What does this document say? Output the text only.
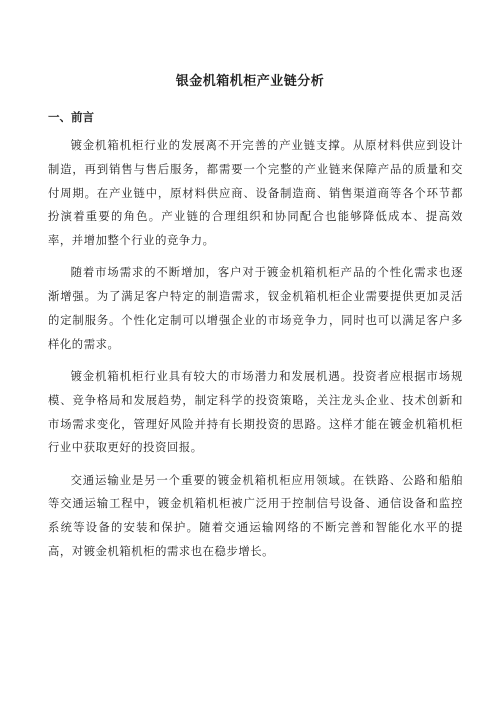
银金机箱机柜产业链分析
一、前言

镀金机箱机柜行业的发展离不开完善的产业链支撑。从原材料供应到设计制造，再到销售与售后服务，都需要一个完整的产业链来保障产品的质量和交付周期。在产业链中，原材料供应商、设备制造商、销售渠道商等各个环节都扮演着重要的角色。产业链的合理组织和协同配合也能够降低成本、提高效率，并增加整个行业的竞争力。

随着市场需求的不断增加，客户对于镀金机箱机柜产品的个性化需求也逐渐增强。为了满足客户特定的制造需求，钗金机箱机柜企业需要提供更加灵活的定制服务。个性化定制可以增强企业的市场竞争力，同时也可以满足客户多样化的需求。

镀金机箱机柜行业具有较大的市场潜力和发展机遇。投资者应根据市场规模、竞争格局和发展趋势，制定科学的投资策略，关注龙头企业、技术创新和市场需求变化，管理好风险并持有长期投资的思路。这样才能在镀金机箱机柜行业中获取更好的投资回报。

交通运输业是另一个重要的镀金机箱机柜应用领域。在铁路、公路和船舶等交通运输工程中，镀金机箱机柜被广泛用于控制信号设备、通信设备和监控系统等设备的安装和保护。随着交通运输网络的不断完善和智能化水平的提高，对镀金机箱机柜的需求也在稳步增长。
